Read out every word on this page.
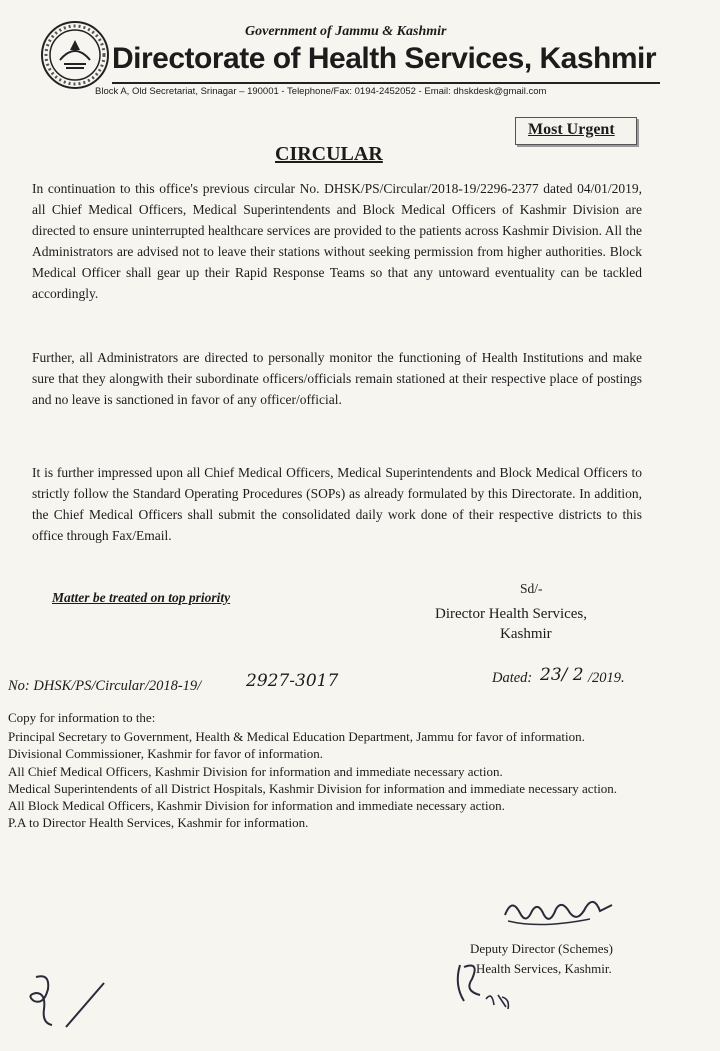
Government of Jammu & Kashmir
Directorate of Health Services, Kashmir
Block A, Old Secretariat, Srinagar – 190001 - Telephone/Fax: 0194-2452052 - Email: dhskdesk@gmail.com
Most Urgent
CIRCULAR

In continuation to this office's previous circular No. DHSK/PS/Circular/2018-19/2296-2377 dated 04/01/2019, all Chief Medical Officers, Medical Superintendents and Block Medical Officers of Kashmir Division are directed to ensure uninterrupted healthcare services are provided to the patients across Kashmir Division. All the Administrators are advised not to leave their stations without seeking permission from higher authorities. Block Medical Officer shall gear up their Rapid Response Teams so that any untoward eventuality can be tackled accordingly.

Further, all Administrators are directed to personally monitor the functioning of Health Institutions and make sure that they alongwith their subordinate officers/officials remain stationed at their respective place of postings and no leave is sanctioned in favor of any officer/official.

It is further impressed upon all Chief Medical Officers, Medical Superintendents and Block Medical Officers to strictly follow the Standard Operating Procedures (SOPs) as already formulated by this Directorate. In addition, the Chief Medical Officers shall submit the consolidated daily work done of their respective districts to this office through Fax/Email.

Matter be treated on top priority
Sd/-
Director Health Services,
Kashmir
No: DHSK/PS/Circular/2018-19/	2927-3017	Dated: 23/ 2 /2019.
Copy for information to the:
Principal Secretary to Government, Health & Medical Education Department, Jammu for favor of information.
Divisional Commissioner, Kashmir for favor of information.
All Chief Medical Officers, Kashmir Division for information and immediate necessary action.
Medical Superintendents of all District Hospitals, Kashmir Division for information and immediate necessary action.
All Block Medical Officers, Kashmir Division for information and immediate necessary action.
P.A to Director Health Services, Kashmir for information.
Deputy Director (Schemes)
Health Services, Kashmir.
